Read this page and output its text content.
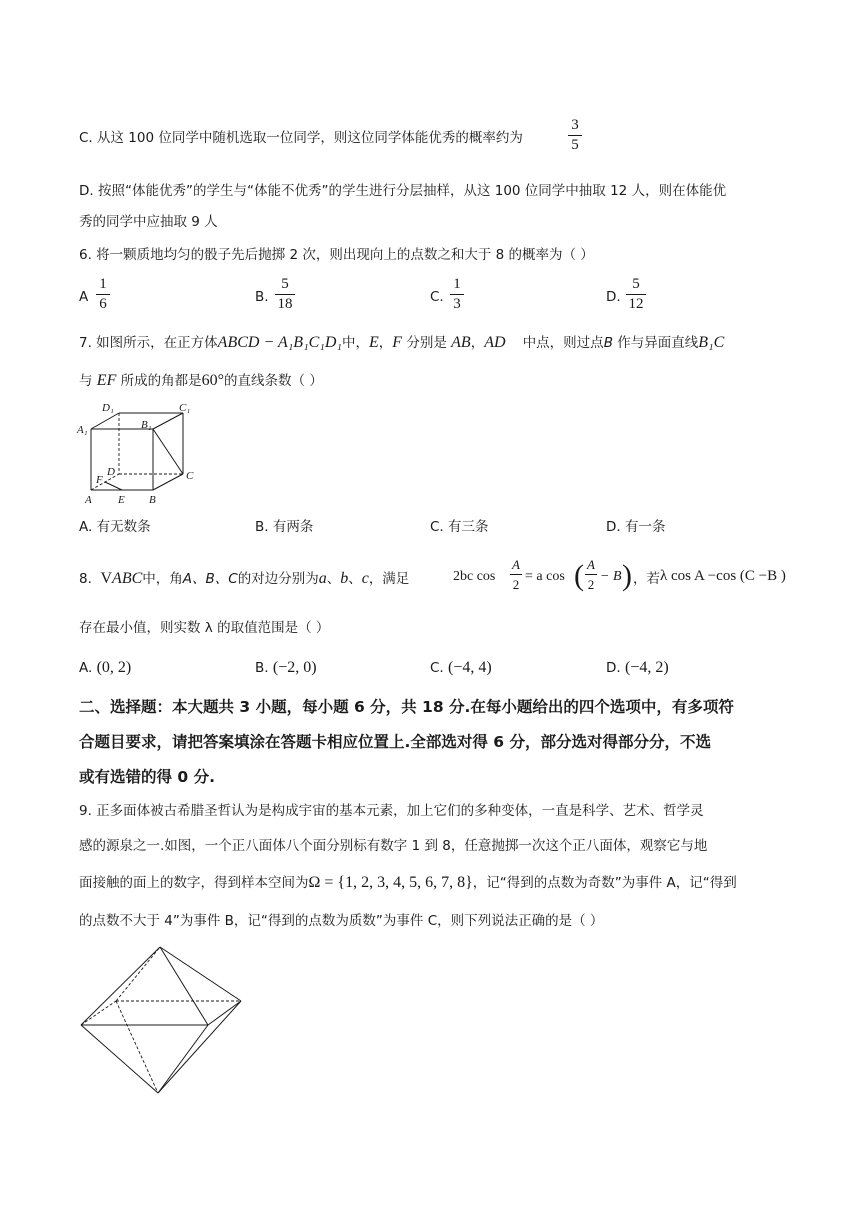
C. 从这 100 位同学中随机选取一位同学，则这位同学体能优秀的概率约为
3
5
D. 按照“体能优秀”的学生与“体能不优秀”的学生进行分层抽样，从这 100 位同学中抽取 12 人，则在体能优
秀的同学中应抽取 9 人
6. 将一颗质地均匀的骰子先后抛掷 2 次，则出现向上的点数之和大于 8 的概率为（ ）
A
1
6	B.
5
18	C.
1
3	D.
5
12
7. 如图所示，在正方体ABCD − A₁B₁C₁D₁中，E，F 分别是 AB，AD 中点，则过点B 作与异面直线B₁C
与 EF 所成的角都是60°的直线条数（ ）
D₁	C₁
A₁	B₁
D
F	C
A E B
A. 有无数条	B. 有两条	C. 有三条	D. 有一条
8. VABC中，角A、B、C的对边分别为a、b、c，满足	2bc cos
A
2
= a cos ( A
2
− B ) ，若 λ cos A −cos (C −B )
存在最小值，则实数 λ 的取值范围是（ ）
A. (0, 2)	B. (−2, 0)	C. (−4, 4)	D. (−4, 2)
二、选择题：本大题共 3 小题，每小题 6 分，共 18 分.在每小题给出的四个选项中，有多项符
合题目要求，请把答案填涂在答题卡相应位置上.全部选对得 6 分，部分选对得部分分，不选
或有选错的得 0 分.
9. 正多面体被古希腊圣哲认为是构成宇宙的基本元素，加上它们的多种变体，一直是科学、艺术、哲学灵
感的源泉之一.如图，一个正八面体八个面分别标有数字 1 到 8，任意抛掷一次这个正八面体，观察它与地
面接触的面上的数字，得到样本空间为Ω = {1, 2, 3, 4, 5, 6, 7, 8}，记“得到的点数为奇数”为事件 A，记“得到
的点数不大于 4”为事件 B，记“得到的点数为质数”为事件 C，则下列说法正确的是（ ）
